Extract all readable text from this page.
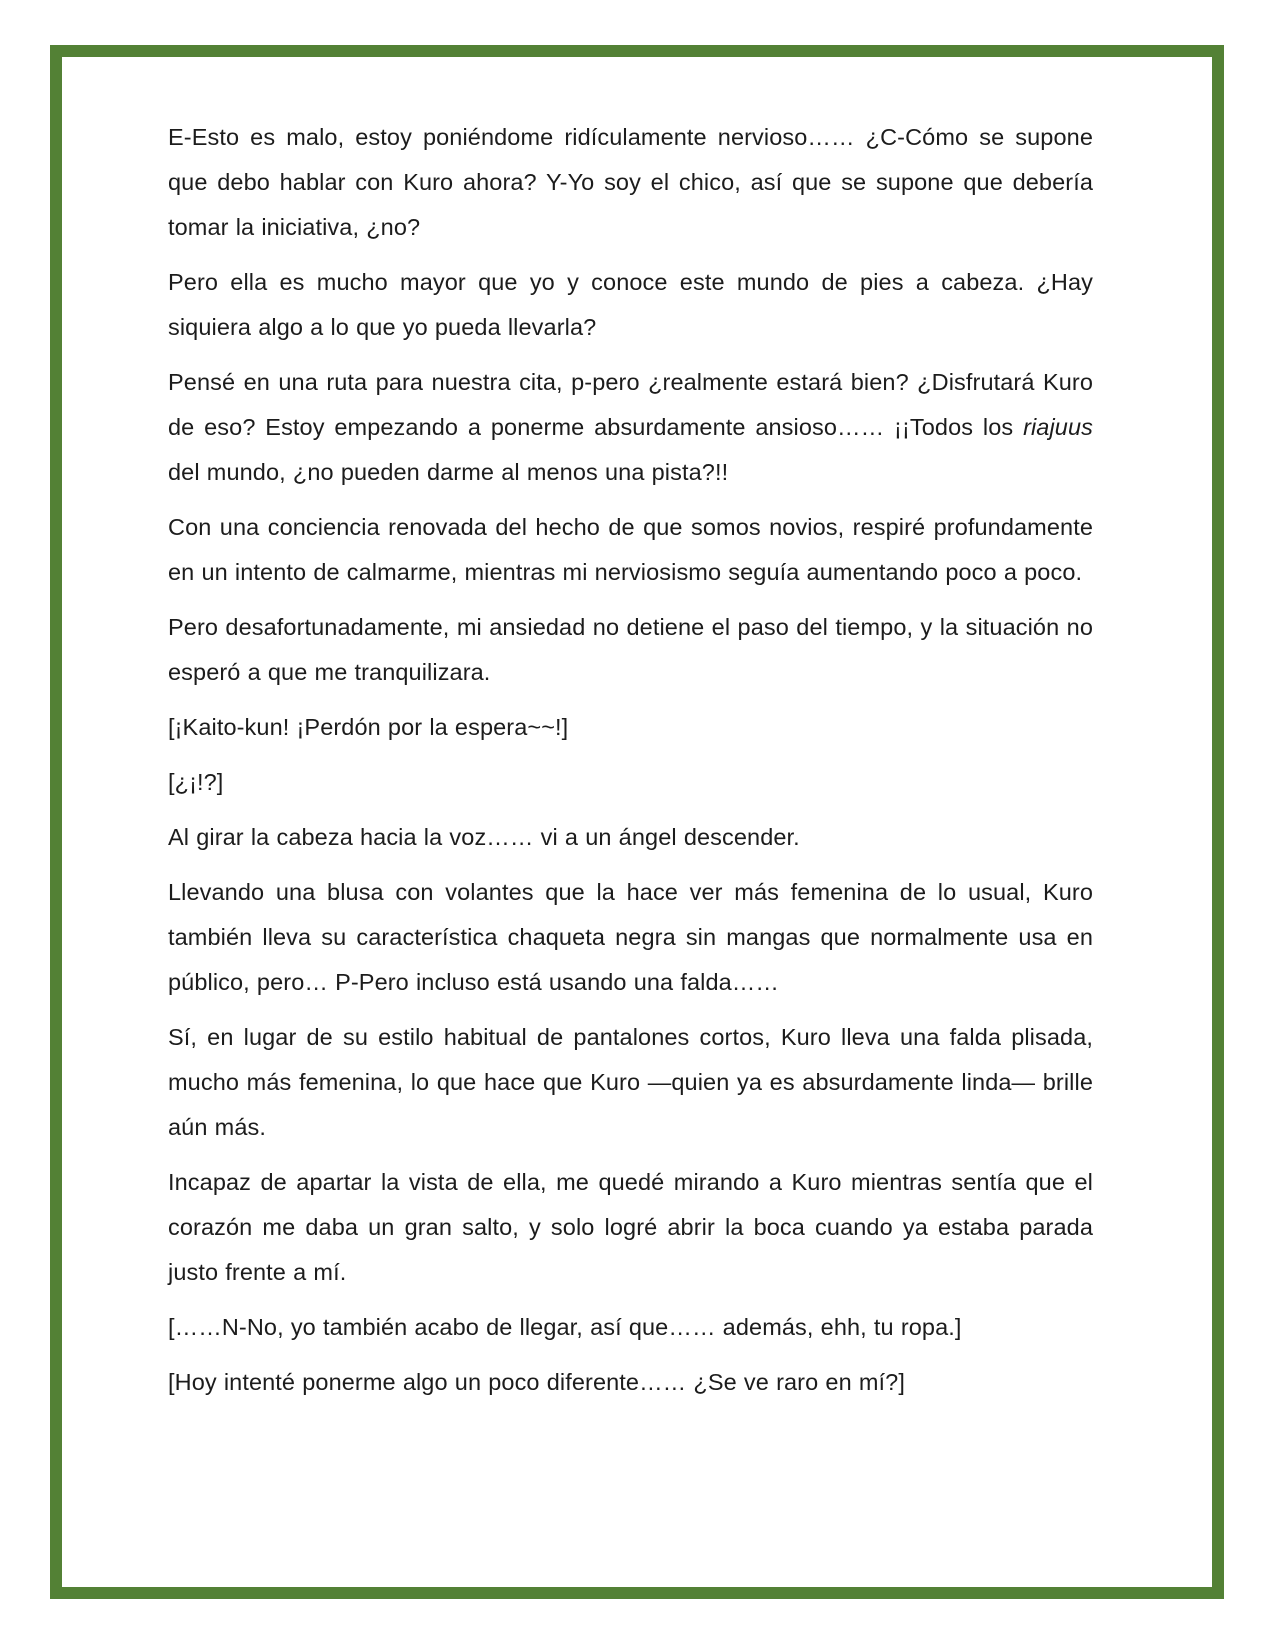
E-Esto es malo, estoy poniéndome ridículamente nervioso…… ¿C-Cómo se supone que debo hablar con Kuro ahora? Y-Yo soy el chico, así que se supone que debería tomar la iniciativa, ¿no?

Pero ella es mucho mayor que yo y conoce este mundo de pies a cabeza. ¿Hay siquiera algo a lo que yo pueda llevarla?

Pensé en una ruta para nuestra cita, p-pero ¿realmente estará bien? ¿Disfrutará Kuro de eso? Estoy empezando a ponerme absurdamente ansioso…… ¡¡Todos los riajuus del mundo, ¿no pueden darme al menos una pista?!!

Con una conciencia renovada del hecho de que somos novios, respiré profundamente en un intento de calmarme, mientras mi nerviosismo seguía aumentando poco a poco.

Pero desafortunadamente, mi ansiedad no detiene el paso del tiempo, y la situación no esperó a que me tranquilizara.

[¡Kaito-kun! ¡Perdón por la espera~~!]

[¿¡!?]

Al girar la cabeza hacia la voz…… vi a un ángel descender.

Llevando una blusa con volantes que la hace ver más femenina de lo usual, Kuro también lleva su característica chaqueta negra sin mangas que normalmente usa en público, pero… P-Pero incluso está usando una falda……

Sí, en lugar de su estilo habitual de pantalones cortos, Kuro lleva una falda plisada, mucho más femenina, lo que hace que Kuro —quien ya es absurdamente linda— brille aún más.

Incapaz de apartar la vista de ella, me quedé mirando a Kuro mientras sentía que el corazón me daba un gran salto, y solo logré abrir la boca cuando ya estaba parada justo frente a mí.

[……N-No, yo también acabo de llegar, así que…… además, ehh, tu ropa.]

[Hoy intenté ponerme algo un poco diferente…… ¿Se ve raro en mí?]
